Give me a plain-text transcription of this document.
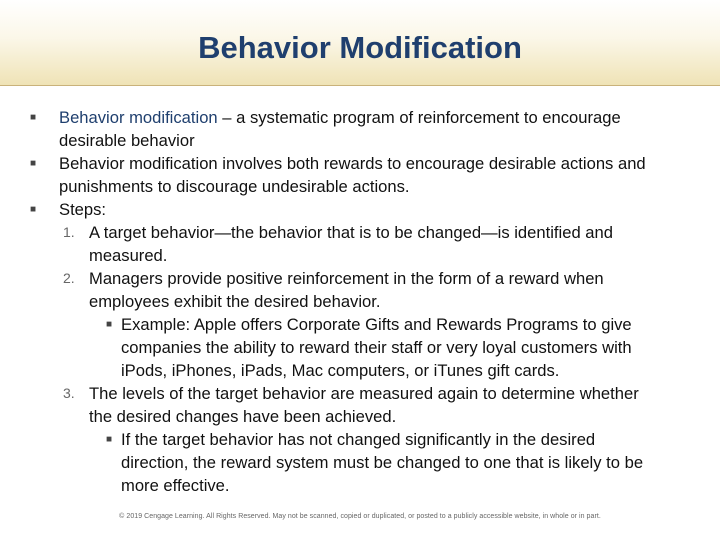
Behavior Modification
■ Behavior modification – a systematic program of reinforcement to encourage
desirable behavior
■ Behavior modification involves both rewards to encourage desirable actions and
punishments to discourage undesirable actions.
■ Steps:
1. A target behavior—the behavior that is to be changed—is identified and
measured.
2. Managers provide positive reinforcement in the form of a reward when
employees exhibit the desired behavior.
■ Example: Apple offers Corporate Gifts and Rewards Programs to give
companies the ability to reward their staff or very loyal customers with
iPods, iPhones, iPads, Mac computers, or iTunes gift cards.
3. The levels of the target behavior are measured again to determine whether
the desired changes have been achieved.
■ If the target behavior has not changed significantly in the desired
direction, the reward system must be changed to one that is likely to be
more effective.
© 2019 Cengage Learning. All Rights Reserved. May not be scanned, copied or duplicated, or posted to a publicly accessible website, in whole or in part.
